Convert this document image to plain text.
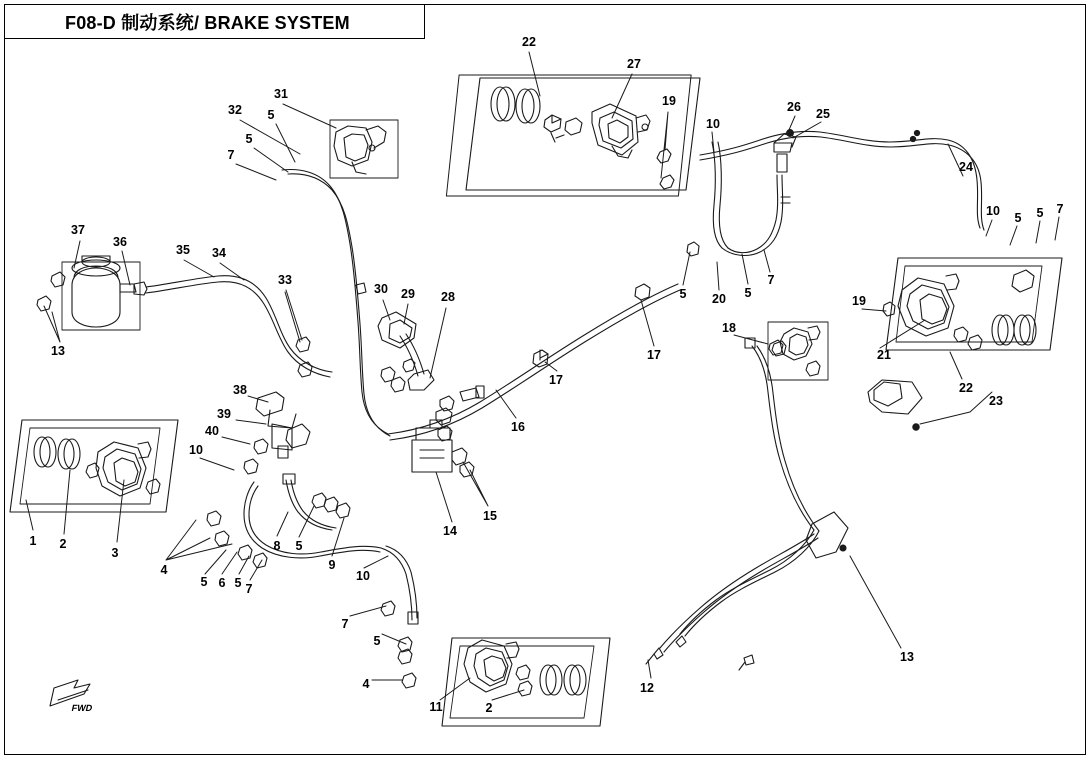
F08-D 制动系统/ BRAKE SYSTEM
FWD
22
27
19
10
26 25
24
10 5 5 7
31
32 5
5
7
37
36
35 34
13
33
30 29 28	5 20 5
7
17
17
16
19
18
21
22
23
38
39
40
10
1 2
3
4
5 6 5 7
8 5
9
10
14
15
7
5
4
11	2
12
13
